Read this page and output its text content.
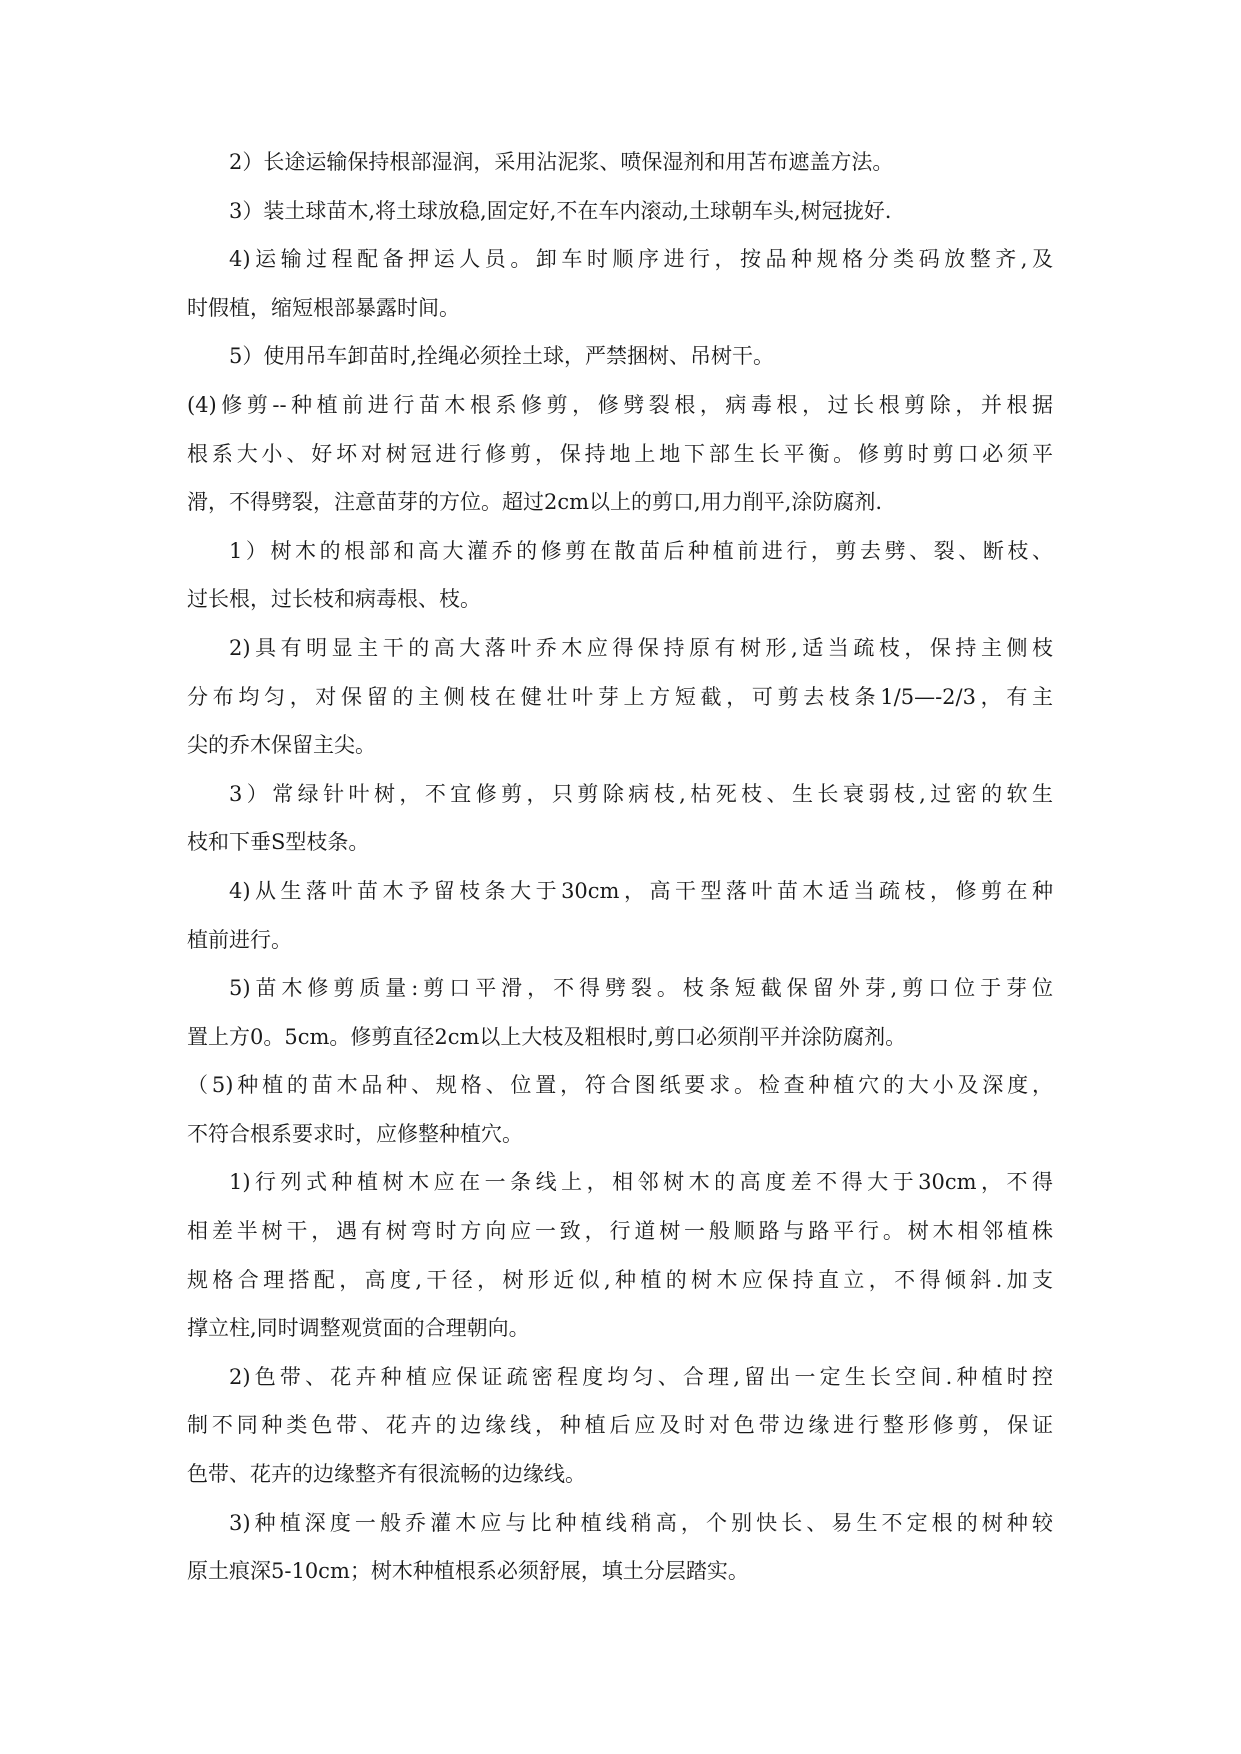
2）长途运输保持根部湿润，采用沾泥浆、喷保湿剂和用苫布遮盖方法。
3）装土球苗木,将土球放稳,固定好,不在车内滚动,土球朝车头,树冠拢好.
4)运输过程配备押运人员。卸车时顺序进行，按品种规格分类码放整齐,及
时假植，缩短根部暴露时间。
5）使用吊车卸苗时,拴绳必须拴土球，严禁捆树、吊树干。
(4)修剪--种植前进行苗木根系修剪，修劈裂根，病毒根，过长根剪除，并根据
根系大小、好坏对树冠进行修剪，保持地上地下部生长平衡。修剪时剪口必须平
滑，不得劈裂，注意苗芽的方位。超过2cm以上的剪口,用力削平,涂防腐剂.
1）树木的根部和高大灌乔的修剪在散苗后种植前进行，剪去劈、裂、断枝、
过长根，过长枝和病毒根、枝。
2)具有明显主干的高大落叶乔木应得保持原有树形,适当疏枝，保持主侧枝
分布均匀，对保留的主侧枝在健壮叶芽上方短截，可剪去枝条1/5—-2/3，有主
尖的乔木保留主尖。
3）常绿针叶树，不宜修剪，只剪除病枝,枯死枝、生长衰弱枝,过密的软生
枝和下垂S型枝条。
4)从生落叶苗木予留枝条大于30cm，高干型落叶苗木适当疏枝，修剪在种
植前进行。
5)苗木修剪质量:剪口平滑，不得劈裂。枝条短截保留外芽,剪口位于芽位
置上方0。5cm。修剪直径2cm以上大枝及粗根时,剪口必须削平并涂防腐剂。
（5)种植的苗木品种、规格、位置，符合图纸要求。检查种植穴的大小及深度，
不符合根系要求时，应修整种植穴。
1)行列式种植树木应在一条线上，相邻树木的高度差不得大于30cm，不得
相差半树干，遇有树弯时方向应一致，行道树一般顺路与路平行。树木相邻植株
规格合理搭配，高度,干径，树形近似,种植的树木应保持直立，不得倾斜.加支
撑立柱,同时调整观赏面的合理朝向。
2)色带、花卉种植应保证疏密程度均匀、合理,留出一定生长空间.种植时控
制不同种类色带、花卉的边缘线，种植后应及时对色带边缘进行整形修剪，保证
色带、花卉的边缘整齐有很流畅的边缘线。
3)种植深度一般乔灌木应与比种植线稍高，个别快长、易生不定根的树种较
原土痕深5-10cm；树木种植根系必须舒展，填土分层踏实。
